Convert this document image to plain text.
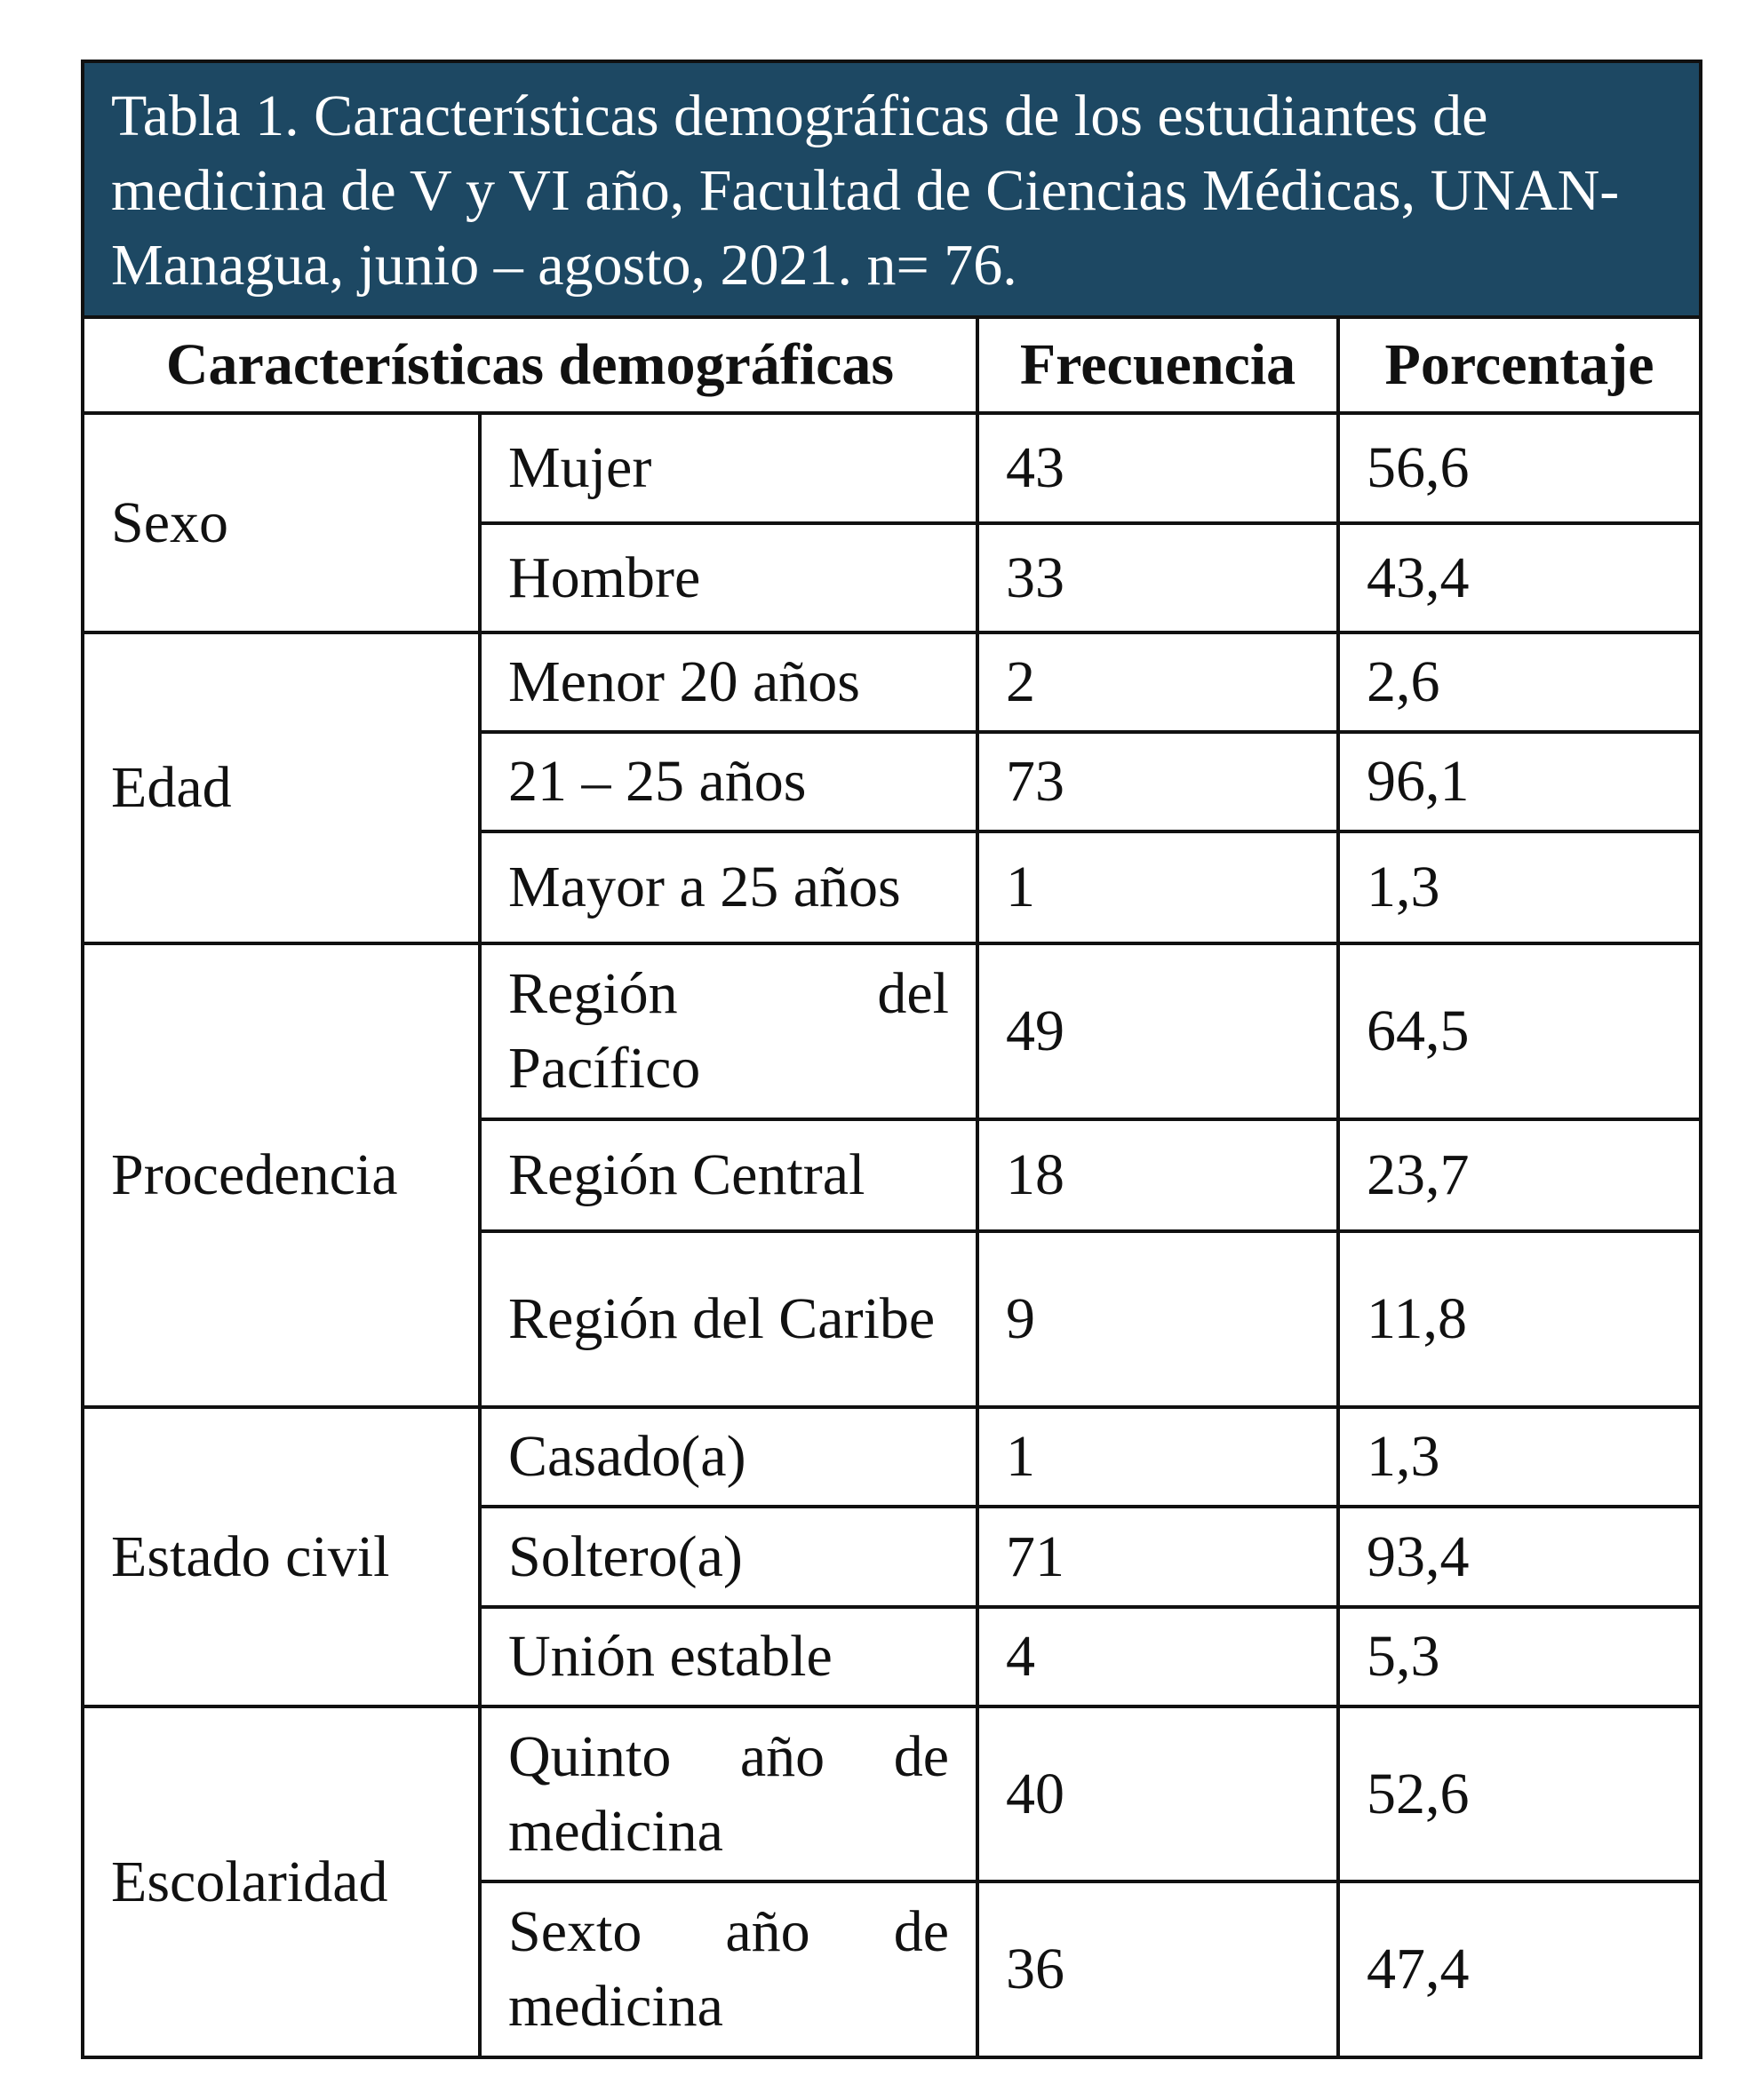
Tabla 1. Características demográficas de los estudiantes de medicina de V y VI año, Facultad de Ciencias Médicas, UNAN-Managua, junio – agosto, 2021. n= 76.			
Características demográficas		Frecuencia	Porcentaje
Sexo	Mujer	43	56,6
	Hombre	33	43,4
Edad	Menor 20 años	2	2,6
	21 – 25 años	73	96,1
	Mayor a 25 años	1	1,3
Procedencia	Región del Pacífico	49	64,5
	Región Central	18	23,7
	Región del Caribe	9	11,8
Estado civil	Casado(a)	1	1,3
	Soltero(a)	71	93,4
	Unión estable	4	5,3
Escolaridad	Quinto año de medicina	40	52,6
	Sexto año de medicina	36	47,4
